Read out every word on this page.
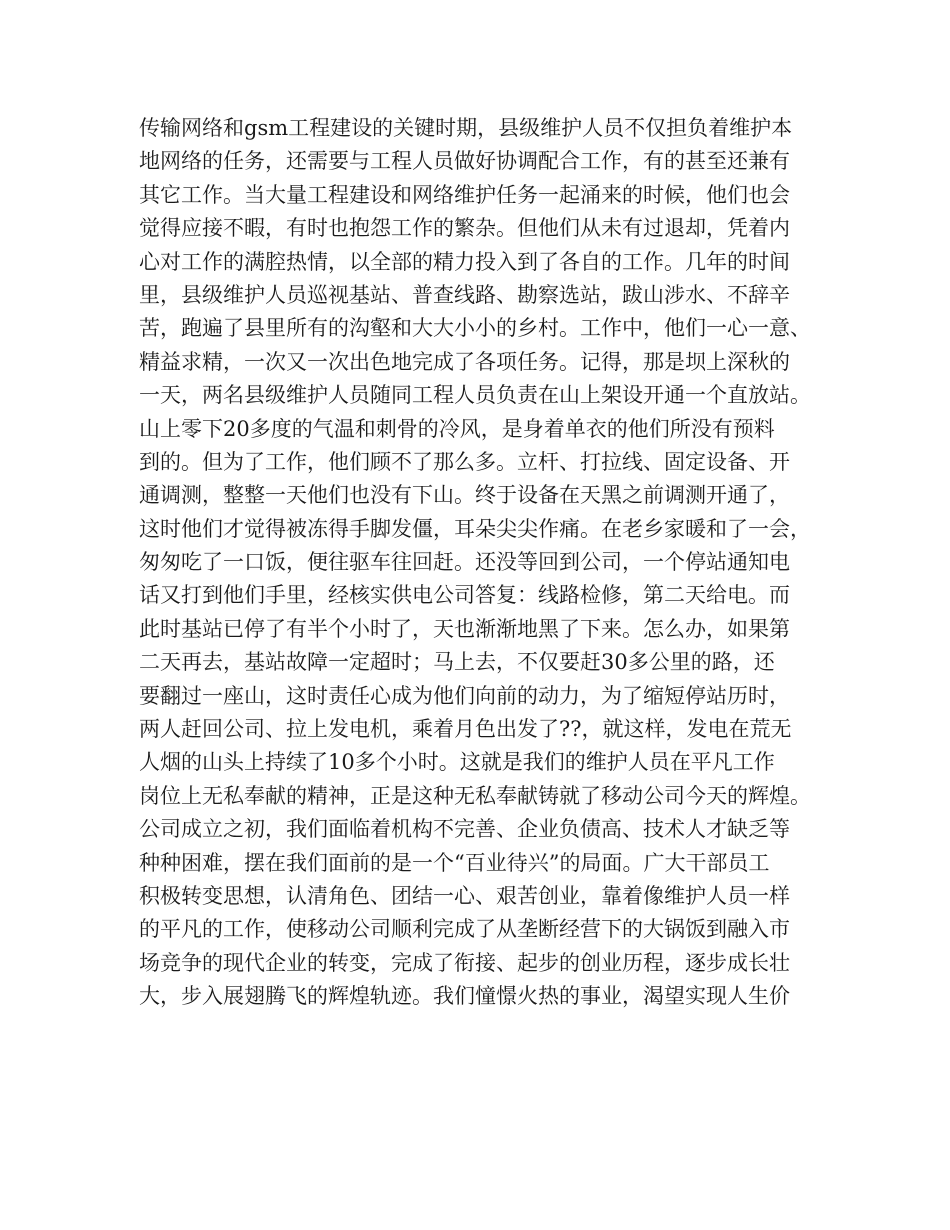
传输网络和gsm工程建设的关键时期，县级维护人员不仅担负着维护本
地网络的任务，还需要与工程人员做好协调配合工作，有的甚至还兼有
其它工作。当大量工程建设和网络维护任务一起涌来的时候，他们也会
觉得应接不暇，有时也抱怨工作的繁杂。但他们从未有过退却，凭着内
心对工作的满腔热情，以全部的精力投入到了各自的工作。几年的时间
里，县级维护人员巡视基站、普查线路、勘察选站，跋山涉水、不辞辛
苦，跑遍了县里所有的沟壑和大大小小的乡村。工作中，他们一心一意、
精益求精，一次又一次出色地完成了各项任务。记得，那是坝上深秋的
一天，两名县级维护人员随同工程人员负责在山上架设开通一个直放站。
山上零下20多度的气温和刺骨的冷风，是身着单衣的他们所没有预料
到的。但为了工作，他们顾不了那么多。立杆、打拉线、固定设备、开
通调测，整整一天他们也没有下山。终于设备在天黑之前调测开通了，
这时他们才觉得被冻得手脚发僵，耳朵尖尖作痛。在老乡家暖和了一会，
匆匆吃了一口饭，便往驱车往回赶。还没等回到公司，一个停站通知电
话又打到他们手里，经核实供电公司答复：线路检修，第二天给电。而
此时基站已停了有半个小时了，天也渐渐地黑了下来。怎么办，如果第
二天再去，基站故障一定超时；马上去，不仅要赶30多公里的路，还
要翻过一座山，这时责任心成为他们向前的动力，为了缩短停站历时，
两人赶回公司、拉上发电机，乘着月色出发了??，就这样，发电在荒无
人烟的山头上持续了10多个小时。这就是我们的维护人员在平凡工作
岗位上无私奉献的精神，正是这种无私奉献铸就了移动公司今天的辉煌。
公司成立之初，我们面临着机构不完善、企业负债高、技术人才缺乏等
种种困难，摆在我们面前的是一个“百业待兴”的局面。广大干部员工
积极转变思想，认清角色、团结一心、艰苦创业，靠着像维护人员一样
的平凡的工作，使移动公司顺利完成了从垄断经营下的大锅饭到融入市
场竞争的现代企业的转变，完成了衔接、起步的创业历程，逐步成长壮
大，步入展翅腾飞的辉煌轨迹。我们憧憬火热的事业，渴望实现人生价
